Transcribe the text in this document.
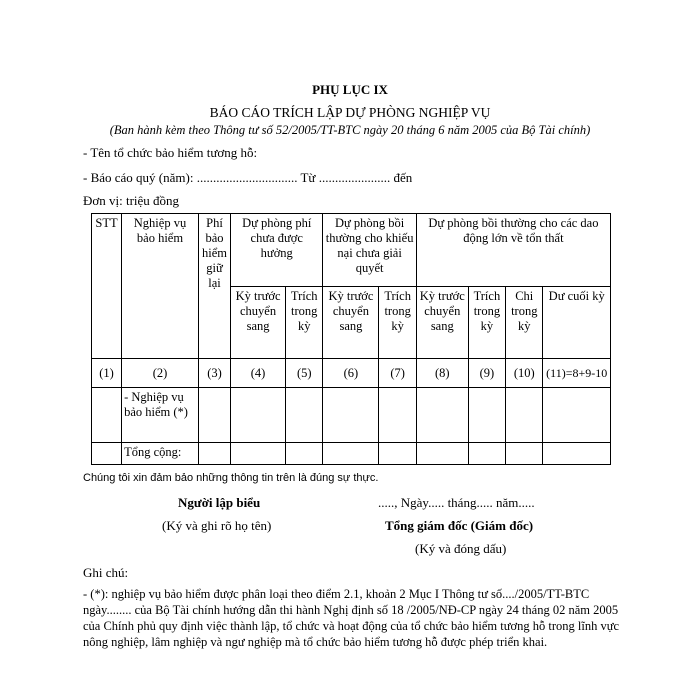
PHỤ LỤC IX
BÁO CÁO TRÍCH LẬP DỰ PHÒNG NGHIỆP VỤ
(Ban hành kèm theo Thông tư số 52/2005/TT-BTC ngày 20 tháng 6 năm 2005 của Bộ Tài chính)
- Tên tổ chức bảo hiểm tương hỗ:
- Báo cáo quý (năm): ............................... Từ ...................... đến
Đơn vị: triệu đồng
STT	Nghiệp vụ bảo hiểm	Phí bảo hiểm giữ lại	Dự phòng phí chưa được hưởng		Dự phòng bồi thường cho khiếu nại chưa giải quyết		Dự phòng bồi thường cho các dao động lớn về tổn thất			
			Kỳ trước chuyển sang	Trích trong kỳ	Kỳ trước chuyển sang	Trích trong kỳ	Kỳ trước chuyển sang	Trích trong kỳ	Chi trong kỳ	Dư cuối kỳ
(1)	(2)	(3)	(4)	(5)	(6)	(7)	(8)	(9)	(10)	(11)=8+9-10
	- Nghiệp vụ bảo hiểm (*)									
	Tổng cộng:									
Chúng tôi xin đảm bảo những thông tin trên là đúng sự thực.
Người lập biểu	....., Ngày..... tháng..... năm.....
(Ký và ghi rõ họ tên)	Tổng giám đốc (Giám đốc)
(Ký và đóng dấu)
Ghi chú:
- (*): nghiệp vụ bảo hiểm được phân loại theo điểm 2.1, khoản 2 Mục I Thông tư số..../2005/TT-BTC ngày........ của Bộ Tài chính hướng dẫn thi hành Nghị định số 18 /2005/NĐ-CP ngày 24 tháng 02 năm 2005 của Chính phủ quy định việc thành lập, tổ chức và hoạt động của tổ chức bảo hiểm tương hỗ trong lĩnh vực nông nghiệp, lâm nghiệp và ngư nghiệp mà tổ chức bảo hiểm tương hỗ được phép triển khai.
